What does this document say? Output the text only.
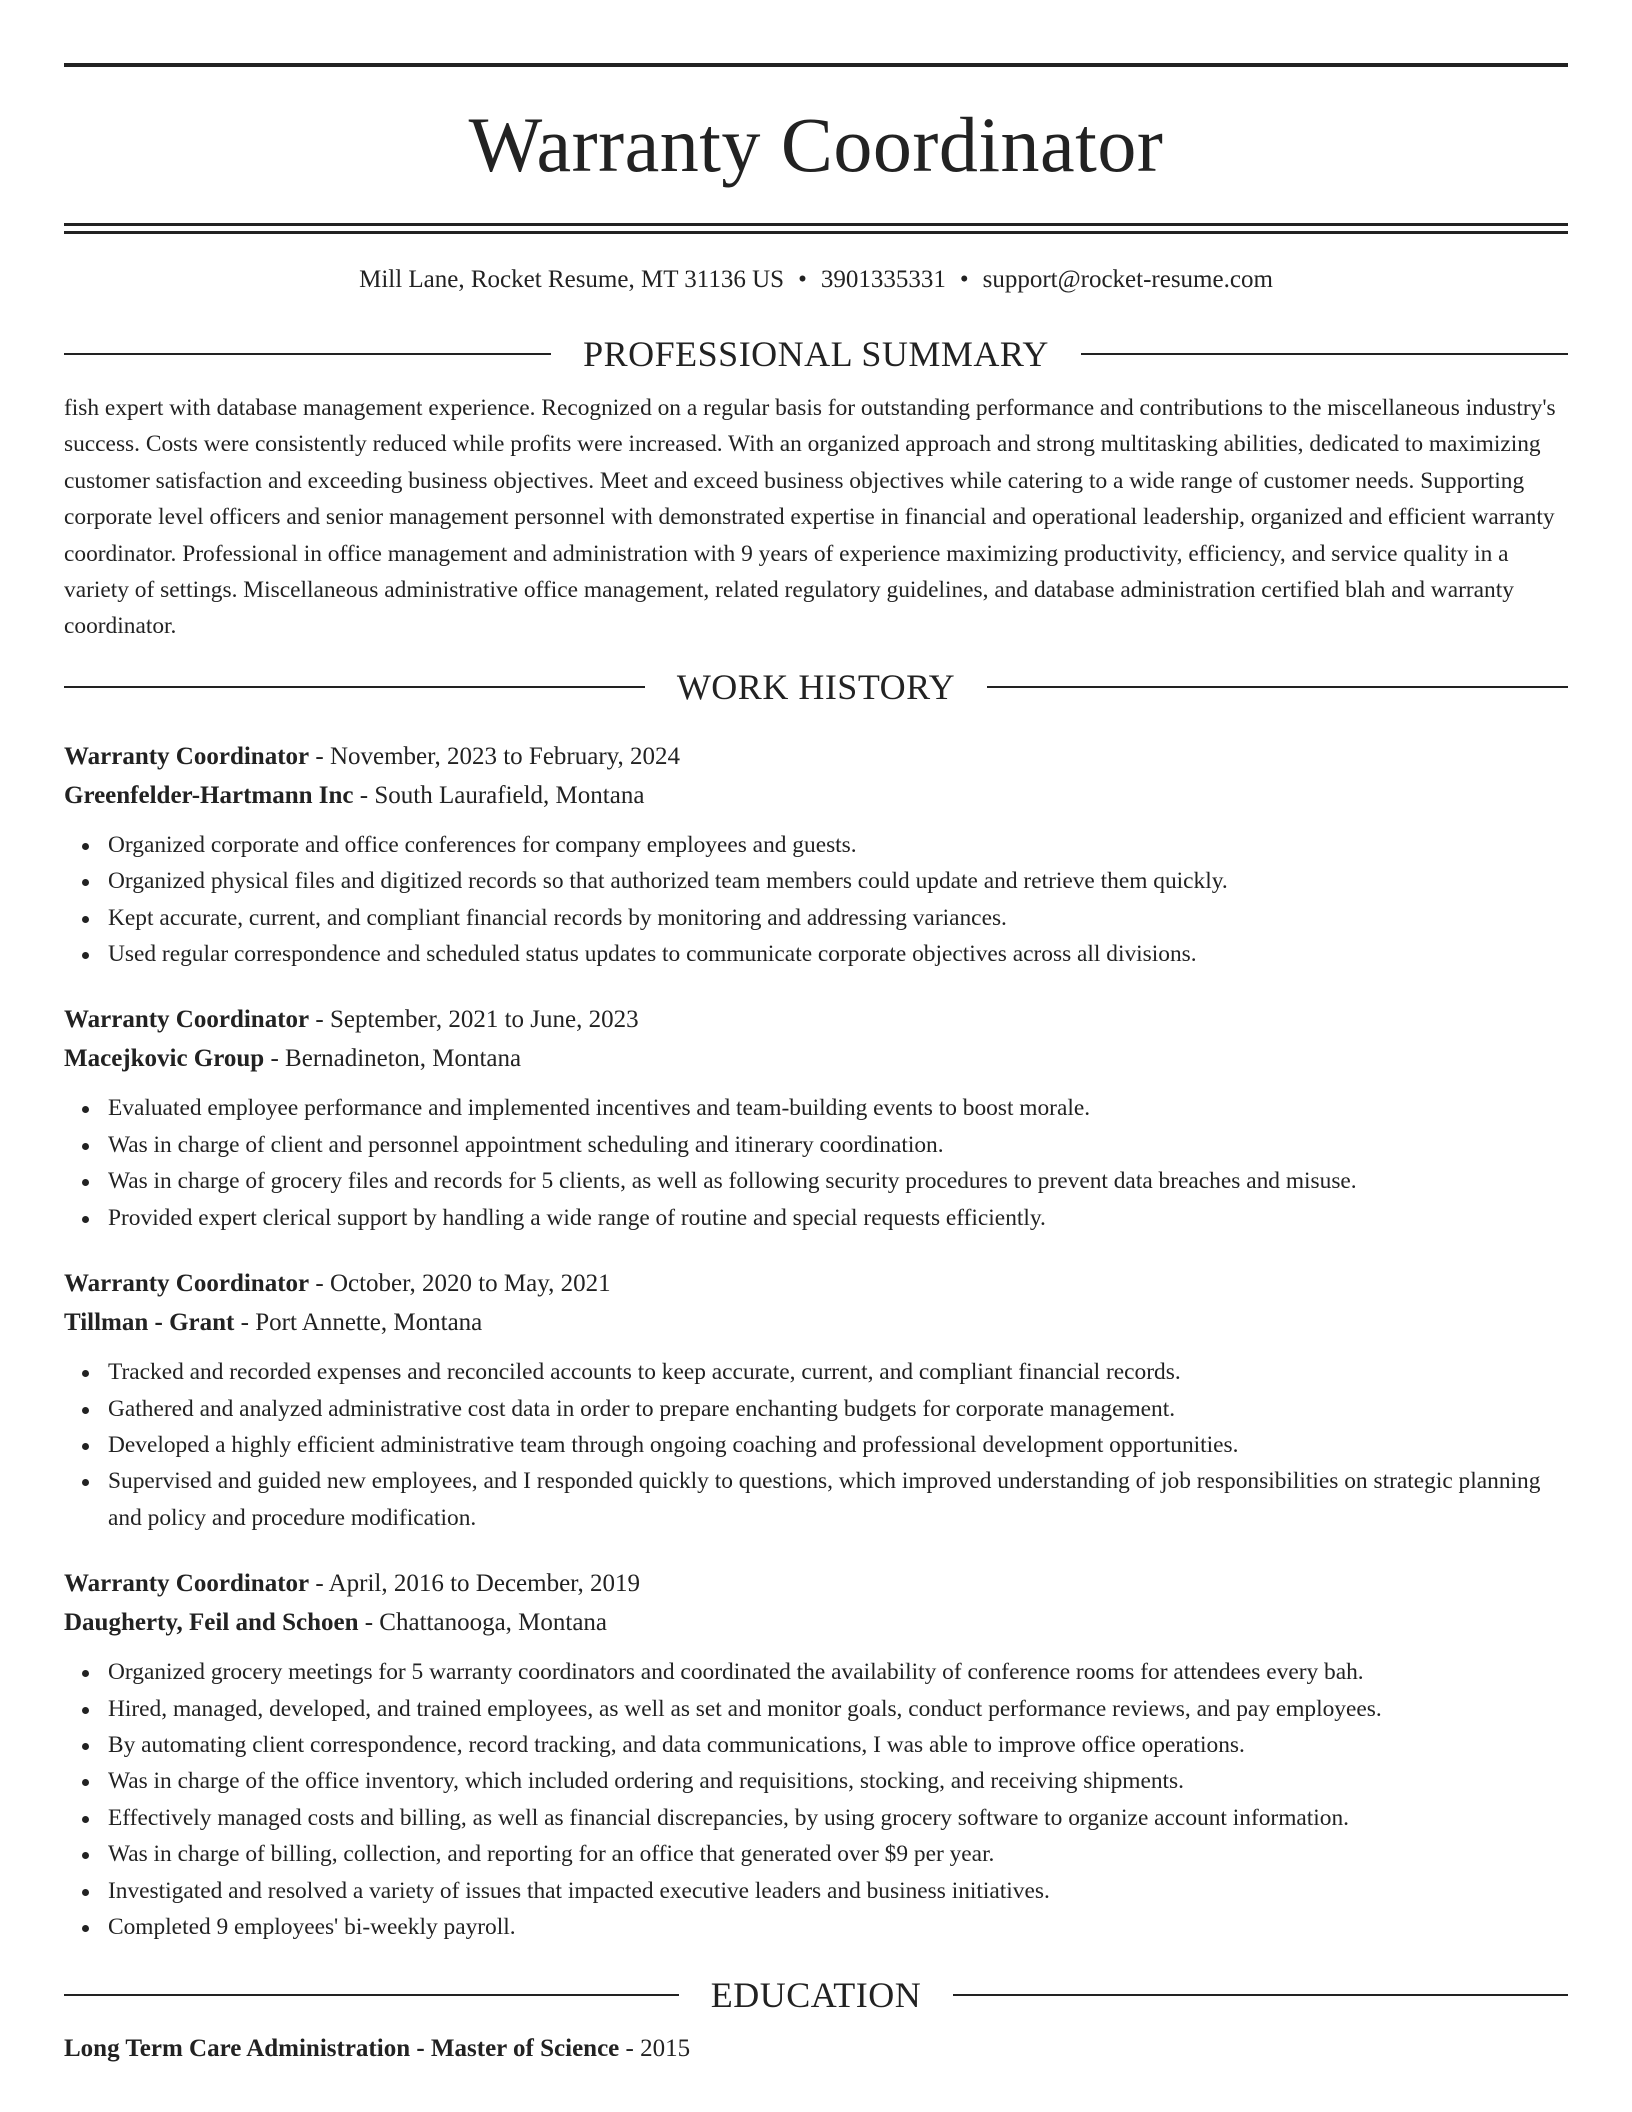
Warranty Coordinator
Mill Lane, Rocket Resume, MT 31136 US • 3901335331 • support@rocket-resume.com
PROFESSIONAL SUMMARY
fish expert with database management experience. Recognized on a regular basis for outstanding performance and contributions to the miscellaneous industry's success. Costs were consistently reduced while profits were increased. With an organized approach and strong multitasking abilities, dedicated to maximizing customer satisfaction and exceeding business objectives. Meet and exceed business objectives while catering to a wide range of customer needs. Supporting corporate level officers and senior management personnel with demonstrated expertise in financial and operational leadership, organized and efficient warranty coordinator. Professional in office management and administration with 9 years of experience maximizing productivity, efficiency, and service quality in a variety of settings. Miscellaneous administrative office management, related regulatory guidelines, and database administration certified blah and warranty coordinator.
WORK HISTORY
Warranty Coordinator - November, 2023 to February, 2024
Greenfelder-Hartmann Inc - South Laurafield, Montana
Organized corporate and office conferences for company employees and guests.
Organized physical files and digitized records so that authorized team members could update and retrieve them quickly.
Kept accurate, current, and compliant financial records by monitoring and addressing variances.
Used regular correspondence and scheduled status updates to communicate corporate objectives across all divisions.
Warranty Coordinator - September, 2021 to June, 2023
Macejkovic Group - Bernadineton, Montana
Evaluated employee performance and implemented incentives and team-building events to boost morale.
Was in charge of client and personnel appointment scheduling and itinerary coordination.
Was in charge of grocery files and records for 5 clients, as well as following security procedures to prevent data breaches and misuse.
Provided expert clerical support by handling a wide range of routine and special requests efficiently.
Warranty Coordinator - October, 2020 to May, 2021
Tillman - Grant - Port Annette, Montana
Tracked and recorded expenses and reconciled accounts to keep accurate, current, and compliant financial records.
Gathered and analyzed administrative cost data in order to prepare enchanting budgets for corporate management.
Developed a highly efficient administrative team through ongoing coaching and professional development opportunities.
Supervised and guided new employees, and I responded quickly to questions, which improved understanding of job responsibilities on strategic planning and policy and procedure modification.
Warranty Coordinator - April, 2016 to December, 2019
Daugherty, Feil and Schoen - Chattanooga, Montana
Organized grocery meetings for 5 warranty coordinators and coordinated the availability of conference rooms for attendees every bah.
Hired, managed, developed, and trained employees, as well as set and monitor goals, conduct performance reviews, and pay employees.
By automating client correspondence, record tracking, and data communications, I was able to improve office operations.
Was in charge of the office inventory, which included ordering and requisitions, stocking, and receiving shipments.
Effectively managed costs and billing, as well as financial discrepancies, by using grocery software to organize account information.
Was in charge of billing, collection, and reporting for an office that generated over $9 per year.
Investigated and resolved a variety of issues that impacted executive leaders and business initiatives.
Completed 9 employees' bi-weekly payroll.
EDUCATION
Long Term Care Administration - Master of Science - 2015
